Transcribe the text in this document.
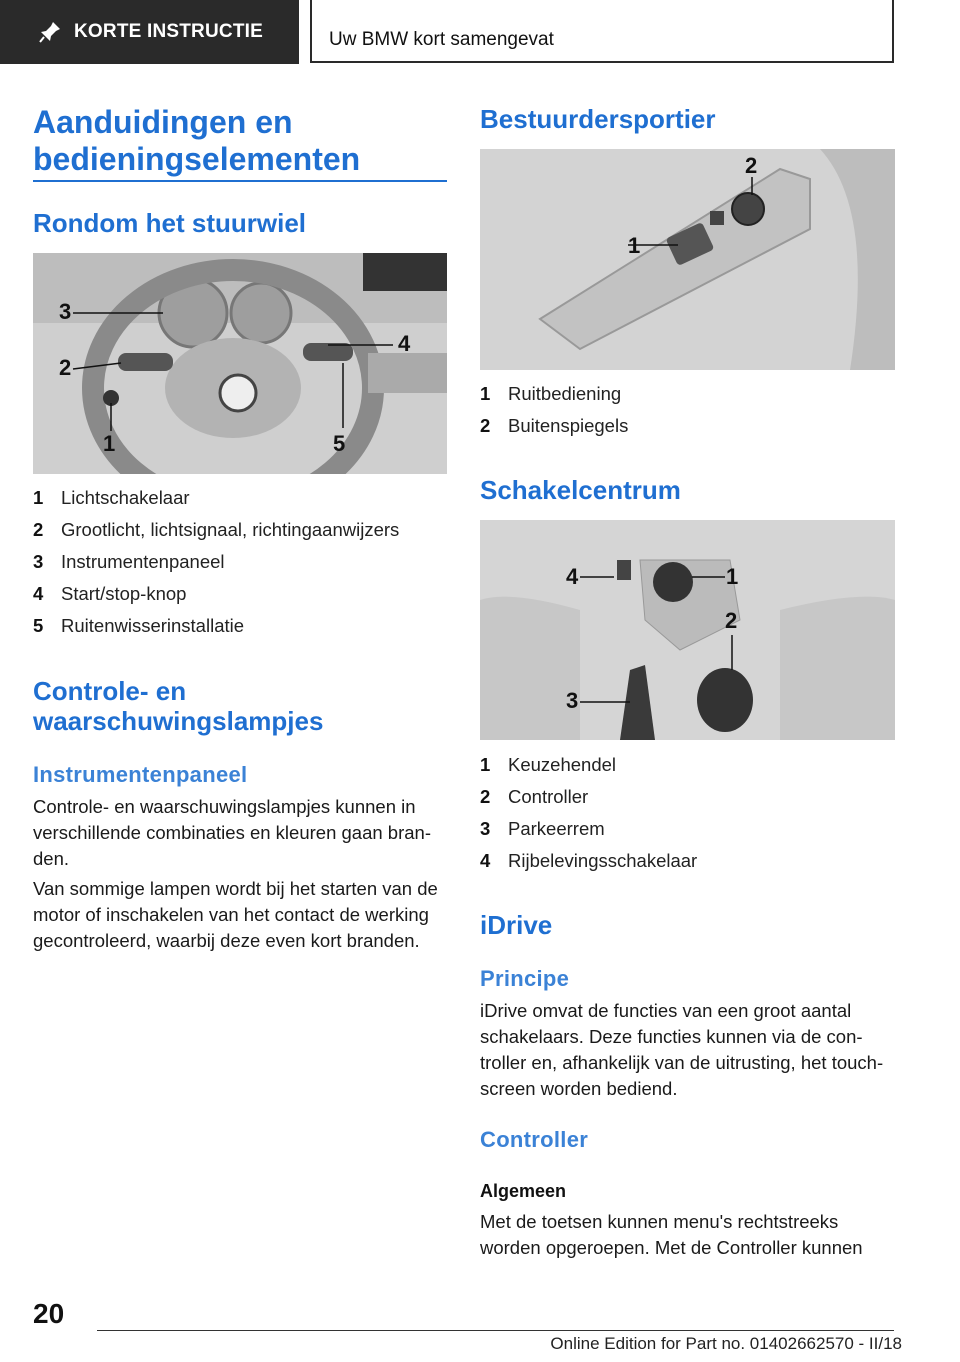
KORTE INSTRUCTIE	Uw BMW kort samengevat
Aanduidingen en
bedieningselementen
Rondom het stuurwiel
3
2
1
4
5
1 Lichtschakelaar
2 Grootlicht, lichtsignaal, richtingaanwijzers
3 Instrumentenpaneel
4 Start/stop-knop
5 Ruitenwisserinstallatie
Controle- en
waarschuwingslampjes
Instrumentenpaneel

Controle- en waarschuwingslampjes kunnen in verschillende combinaties en kleuren gaan branden.

Van sommige lampen wordt bij het starten van de motor of inschakelen van het contact de werking gecontroleerd, waarbij deze even kort branden.

Bestuurdersportier
1
2
1 Ruitbediening
2 Buitenspiegels
Schakelcentrum
4	1
2
3
1 Keuzehendel
2 Controller
3 Parkeerrem
4 Rijbelevingsschakelaar
iDrive
Principe

iDrive omvat de functies van een groot aantal schakelaars. Deze functies kunnen via de controller en, afhankelijk van de uitrusting, het touchscreen worden bediend.

Controller
Algemeen

Met de toetsen kunnen menu's rechtstreeks worden opgeroepen. Met de Controller kunnen

20
Online Edition for Part no. 01402662570 - II/18
